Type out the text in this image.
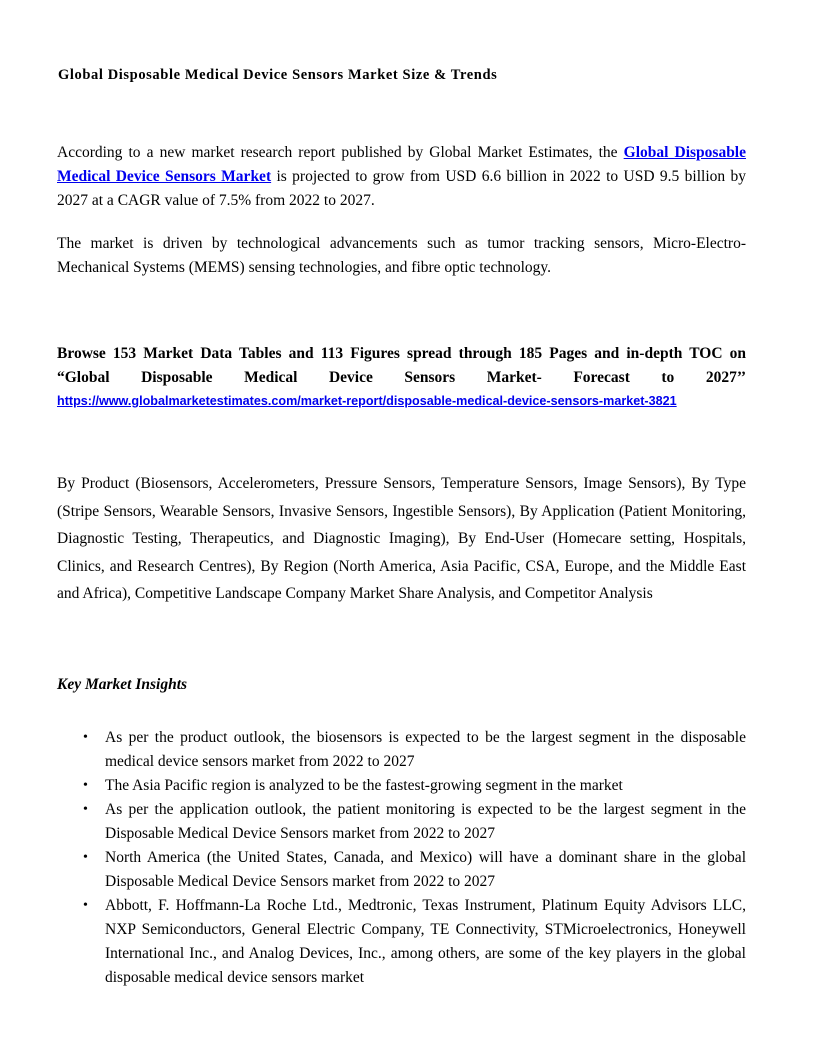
Global Disposable Medical Device Sensors Market Size & Trends

According to a new market research report published by Global Market Estimates, the Global Disposable Medical Device Sensors Market is projected to grow from USD 6.6 billion in 2022 to USD 9.5 billion by 2027 at a CAGR value of 7.5% from 2022 to 2027.

The market is driven by technological advancements such as tumor tracking sensors, Micro-Electro-Mechanical Systems (MEMS) sensing technologies, and fibre optic technology.

Browse 153 Market Data Tables and 113 Figures spread through 185 Pages and in-depth TOC on “Global Disposable Medical Device Sensors Market- Forecast to 2027’’

https://www.globalmarketestimates.com/market-report/disposable-medical-device-sensors-market-3821

By Product (Biosensors, Accelerometers, Pressure Sensors, Temperature Sensors, Image Sensors), By Type (Stripe Sensors, Wearable Sensors, Invasive Sensors, Ingestible Sensors), By Application (Patient Monitoring, Diagnostic Testing, Therapeutics, and Diagnostic Imaging), By End-User (Homecare setting, Hospitals, Clinics, and Research Centres), By Region (North America, Asia Pacific, CSA, Europe, and the Middle East and Africa), Competitive Landscape Company Market Share Analysis, and Competitor Analysis

Key Market Insights
• As per the product outlook, the biosensors is expected to be the largest segment in the disposable medical device sensors market from 2022 to 2027
• The Asia Pacific region is analyzed to be the fastest-growing segment in the market
• As per the application outlook, the patient monitoring is expected to be the largest segment in the Disposable Medical Device Sensors market from 2022 to 2027
• North America (the United States, Canada, and Mexico) will have a dominant share in the global Disposable Medical Device Sensors market from 2022 to 2027
• Abbott, F. Hoffmann-La Roche Ltd., Medtronic, Texas Instrument, Platinum Equity Advisors LLC, NXP Semiconductors, General Electric Company, TE Connectivity, STMicroelectronics, Honeywell International Inc., and Analog Devices, Inc., among others, are some of the key players in the global disposable medical device sensors market
